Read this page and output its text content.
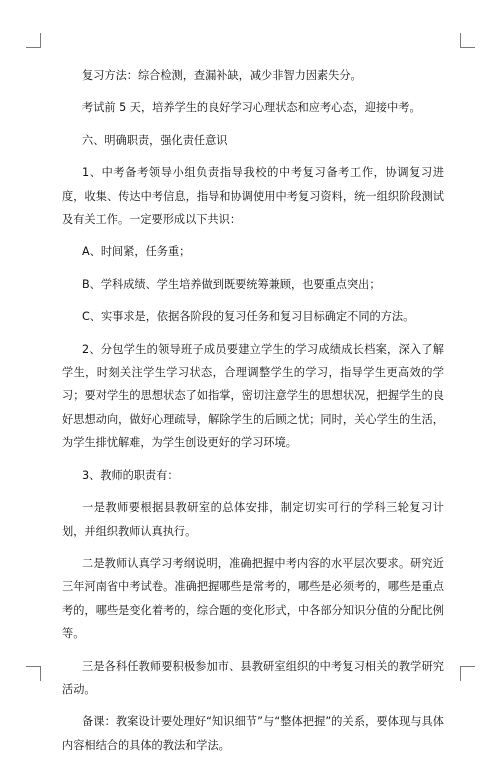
复习方法：综合检测，查漏补缺，减少非智力因素失分。

考试前 5 天，培养学生的良好学习心理状态和应考心态，迎接中考。

六、明确职责，强化责任意识

1、中考备考领导小组负责指导我校的中考复习备考工作，协调复习进度，收集、传达中考信息，指导和协调使用中考复习资料，统一组织阶段测试及有关工作。一定要形成以下共识：

A、时间紧，任务重；

B、学科成绩、学生培养做到既要统筹兼顾，也要重点突出；

C、实事求是，依据各阶段的复习任务和复习目标确定不同的方法。

2、分包学生的领导班子成员要建立学生的学习成绩成长档案，深入了解学生，时刻关注学生学习状态，合理调整学生的学习，指导学生更高效的学习；要对学生的思想状态了如指掌，密切注意学生的思想状况，把握学生的良好思想动向，做好心理疏导，解除学生的后顾之忧；同时，关心学生的生活，为学生排忧解难，为学生创设更好的学习环境。

3、教师的职责有：

一是教师要根据县教研室的总体安排，制定切实可行的学科三轮复习计划，并组织教师认真执行。

二是教师认真学习考纲说明，准确把握中考内容的水平层次要求。研究近三年河南省中考试卷。准确把握哪些是常考的，哪些是必须考的，哪些是重点考的，哪些是变化着考的，综合题的变化形式，中各部分知识分值的分配比例等。

三是各科任教师要积极参加市、县教研室组织的中考复习相关的教学研究活动。

备课：教案设计要处理好“知识细节”与“整体把握”的关系，要体现与具体内容相结合的具体的教法和学法。
